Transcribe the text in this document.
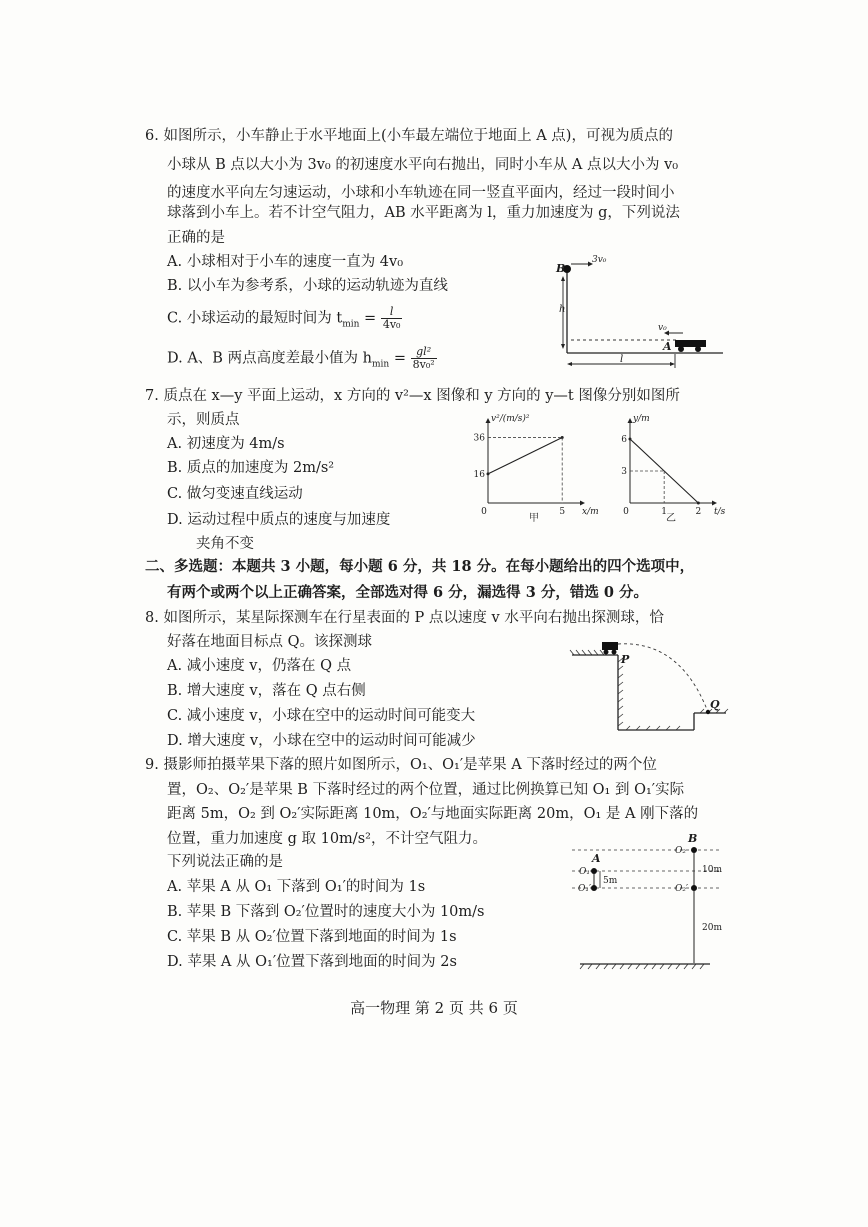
6. 如图所示，小车静止于水平地面上(小车最左端位于地面上 A 点)，可视为质点的
小球从 B 点以大小为 3v₀ 的初速度水平向右抛出，同时小车从 A 点以大小为 v₀
的速度水平向左匀速运动，小球和小车轨迹在同一竖直平面内，经过一段时间小
球落到小车上。若不计空气阻力，AB 水平距离为 l，重力加速度为 g，下列说法
正确的是
A. 小球相对于小车的速度一直为 4v₀
B. 以小车为参考系，小球的运动轨迹为直线
C. 小球运动的最短时间为 $t_{min} = \frac{l}{\text{4v₀}}$
D. A、B 两点高度差最小值为 $h_{min} = \frac{\text{gl²}}{\text{8v₀²}}$
B
3v₀
h
v₀
A
l
7. 质点在 x—y 平面上运动，x 方向的 v²—x 图像和 y 方向的 y—t 图像分别如图所
示，则质点
A. 初速度为 4m/s
B. 质点的加速度为 2m/s²
C. 做匀变速直线运动
D. 运动过程中质点的速度与加速度
夹角不变
v²/(m/s)²
x/m
0
甲
16
36
5
y/m
t/s
0
乙
3
6
1	2
二、多选题：本题共 3 小题，每小题 6 分，共 18 分。在每小题给出的四个选项中，
有两个或两个以上正确答案，全部选对得 6 分，漏选得 3 分，错选 0 分。
8. 如图所示，某星际探测车在行星表面的 P 点以速度 v 水平向右抛出探测球，恰
好落在地面目标点 Q。该探测球
A. 减小速度 v，仍落在 Q 点
B. 增大速度 v，落在 Q 点右侧
C. 减小速度 v，小球在空中的运动时间可能变大
D. 增大速度 v，小球在空中的运动时间可能减少
P
Q
9. 摄影师拍摄苹果下落的照片如图所示，O₁、O₁′是苹果 A 下落时经过的两个位
置，O₂、O₂′是苹果 B 下落时经过的两个位置，通过比例换算已知 O₁ 到 O₁′实际
距离 5m，O₂ 到 O₂′实际距离 10m，O₂′与地面实际距离 20m，O₁ 是 A 刚下落的
位置，重力加速度 g 取 10m/s²，不计空气阻力。
下列说法正确的是
A. 苹果 A 从 O₁ 下落到 O₁′的时间为 1s
B. 苹果 B 下落到 O₂′位置时的速度大小为 10m/s
C. 苹果 B 从 O₂′位置下落到地面的时间为 1s
D. 苹果 A 从 O₁′位置下落到地面的时间为 2s
B
A
O₂
O₂′
O₁
O₁′
5m
10m
20m
高一物理 第 2 页 共 6 页
